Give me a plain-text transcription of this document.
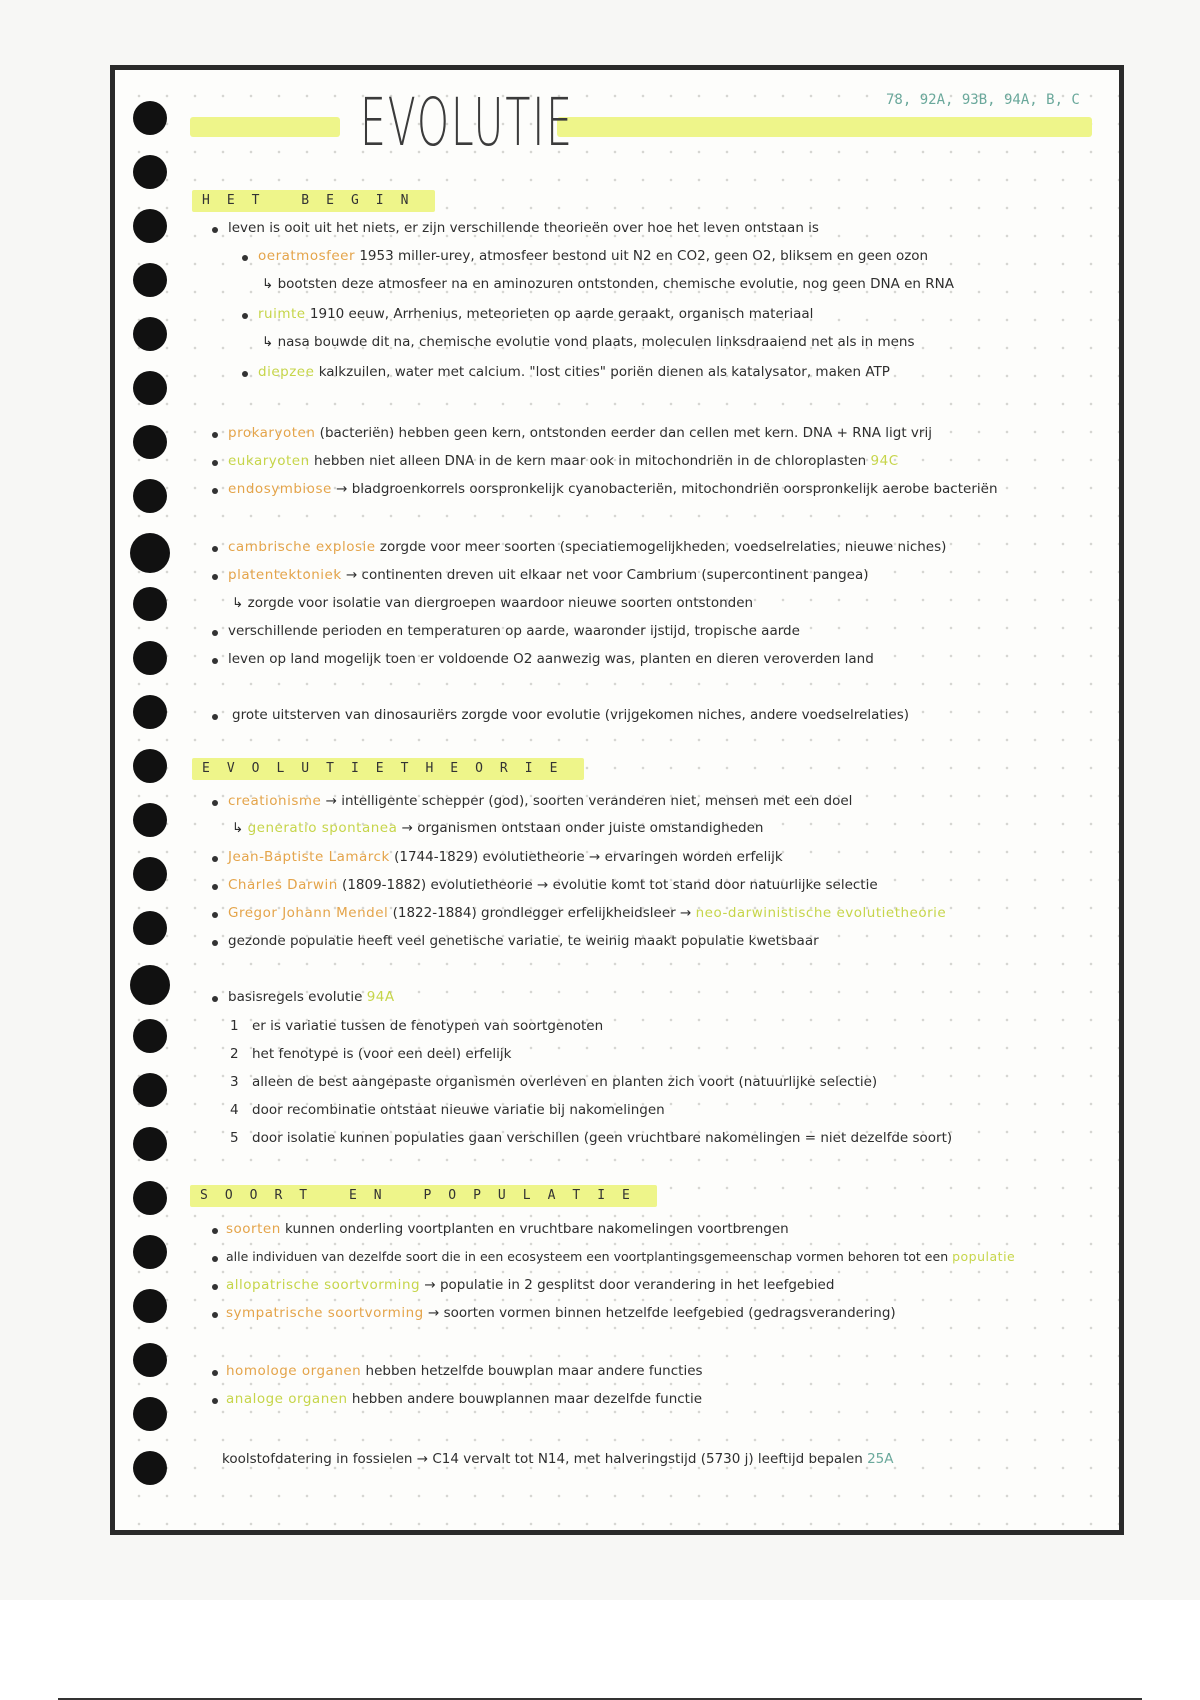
EVOLUTIE	78, 92A, 93B, 94A, B, C
HET BEGIN
leven is ooit uit het niets, er zijn verschillende theorieën over hoe het leven ontstaan is
oeratmosfeer 1953 miller-urey, atmosfeer bestond uit N2 en CO2, geen O2, bliksem en geen ozon
↳ bootsten deze atmosfeer na en aminozuren ontstonden, chemische evolutie, nog geen DNA en RNA
ruimte 1910 eeuw, Arrhenius, meteorieten op aarde geraakt, organisch materiaal
↳ nasa bouwde dit na, chemische evolutie vond plaats, moleculen linksdraaiend net als in mens
diepzee kalkzuilen, water met calcium. "lost cities" poriën dienen als katalysator, maken ATP
prokaryoten (bacteriën) hebben geen kern, ontstonden eerder dan cellen met kern. DNA + RNA ligt vrij
eukaryoten hebben niet alleen DNA in de kern maar ook in mitochondriën in de chloroplasten 94C
endosymbiose → bladgroenkorrels oorspronkelijk cyanobacteriën, mitochondriën oorspronkelijk aerobe bacteriën
cambrische explosie zorgde voor meer soorten (speciatiemogelijkheden, voedselrelaties, nieuwe niches)
platentektoniek → continenten dreven uit elkaar net voor Cambrium (supercontinent pangea)
↳ zorgde voor isolatie van diergroepen waardoor nieuwe soorten ontstonden
verschillende perioden en temperaturen op aarde, waaronder ijstijd, tropische aarde
leven op land mogelijk toen er voldoende O2 aanwezig was, planten en dieren veroverden land
grote uitsterven van dinosauriërs zorgde voor evolutie (vrijgekomen niches, andere voedselrelaties)
EVOLUTIETHEORIE
creationisme → intelligente schepper (god), soorten veranderen niet, mensen met een doel
↳ generatio spontanea → organismen ontstaan onder juiste omstandigheden
Jean-Baptiste Lamarck (1744-1829) evolutietheorie → ervaringen worden erfelijk
Charles Darwin (1809-1882) evolutietheorie → evolutie komt tot stand door natuurlijke selectie
Gregor Johann Mendel (1822-1884) grondlegger erfelijkheidsleer → neo-darwinistische evolutietheorie
gezonde populatie heeft veel genetische variatie, te weinig maakt populatie kwetsbaar
basisregels evolutie 94A
1 er is variatie tussen de fenotypen van soortgenoten
2 het fenotype is (voor een deel) erfelijk
3 alleen de best aangepaste organismen overleven en planten zich voort (natuurlijke selectie)
4 door recombinatie ontstaat nieuwe variatie bij nakomelingen
5 door isolatie kunnen populaties gaan verschillen (geen vruchtbare nakomelingen = niet dezelfde soort)
SOORT EN POPULATIE
soorten kunnen onderling voortplanten en vruchtbare nakomelingen voortbrengen
alle individuen van dezelfde soort die in een ecosysteem een voortplantingsgemeenschap vormen behoren tot een populatie
allopatrische soortvorming → populatie in 2 gesplitst door verandering in het leefgebied
sympatrische soortvorming → soorten vormen binnen hetzelfde leefgebied (gedragsverandering)
homologe organen hebben hetzelfde bouwplan maar andere functies
analoge organen hebben andere bouwplannen maar dezelfde functie
koolstofdatering in fossielen → C14 vervalt tot N14, met halveringstijd (5730 j) leeftijd bepalen 25A
